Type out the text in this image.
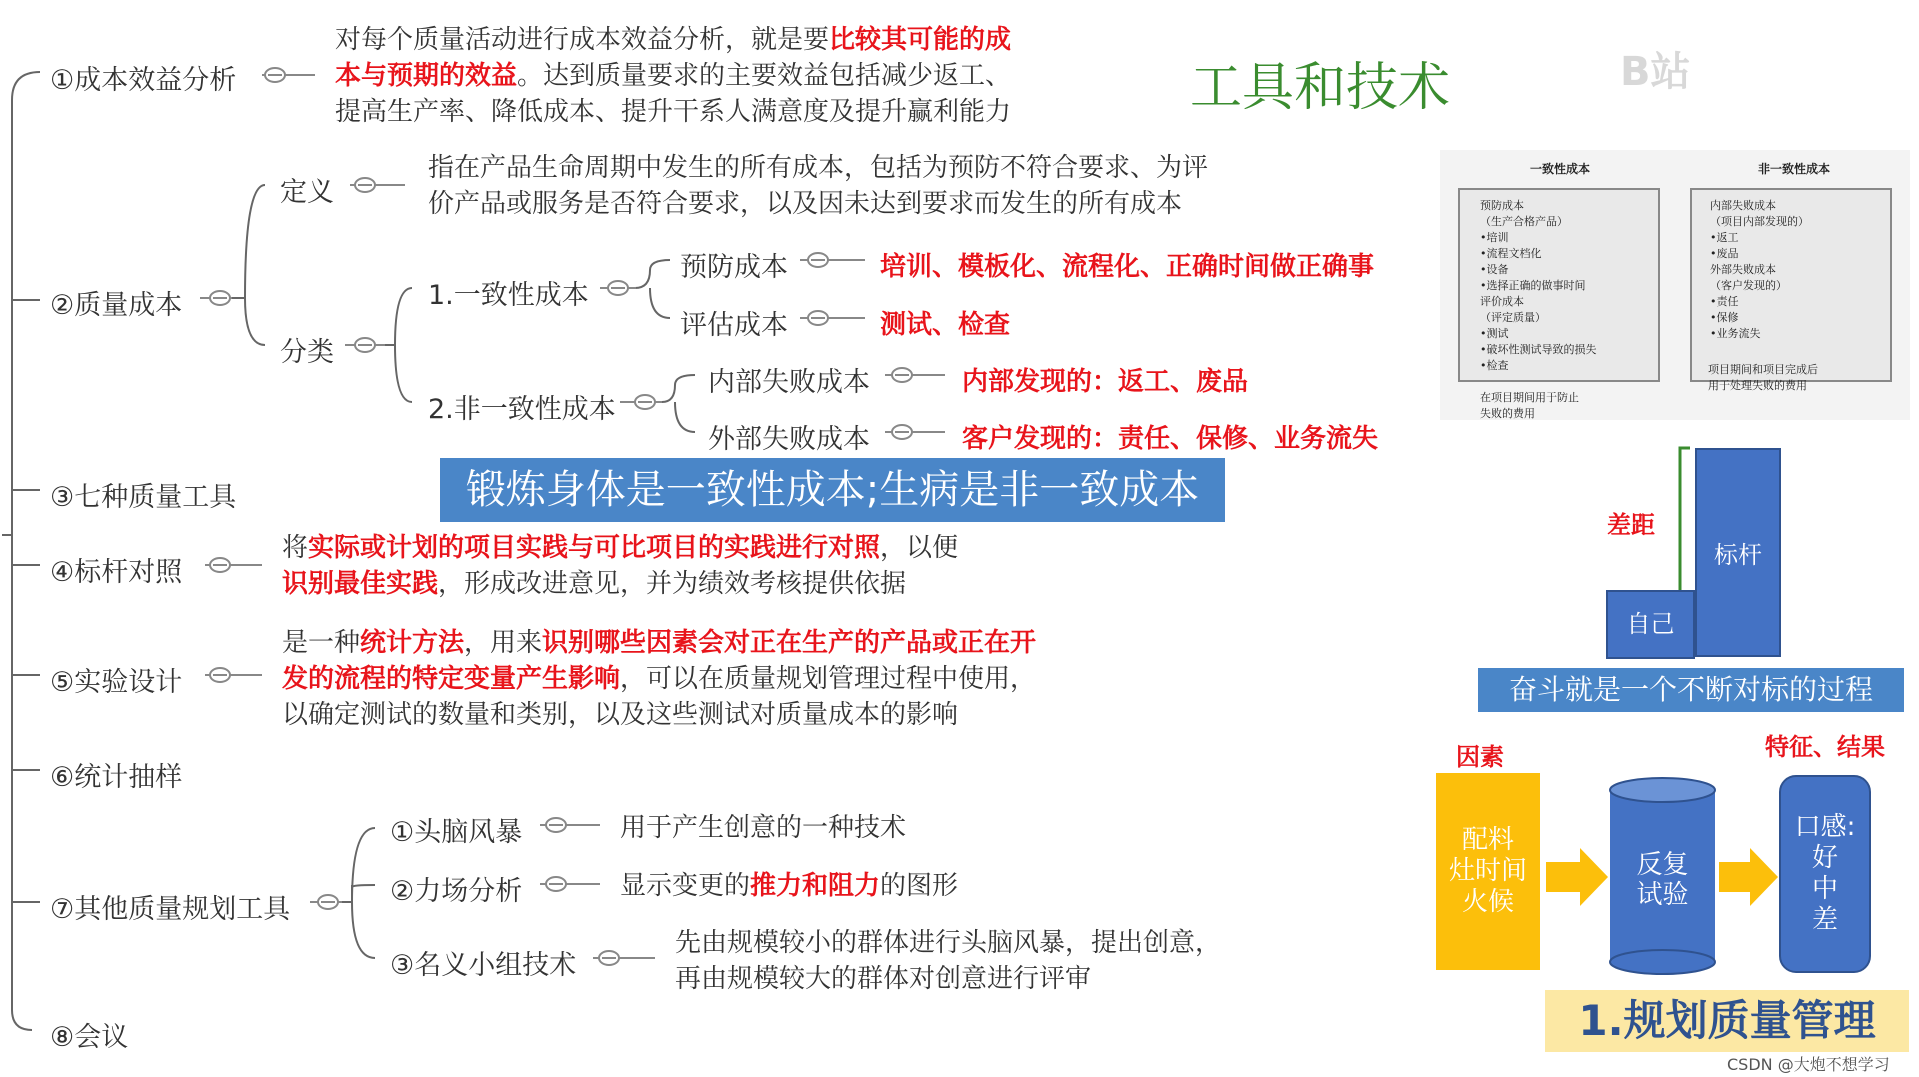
①成本效益分析
对每个质量活动进行成本效益分析，就是要比较其可能的成
本与预期的效益。达到质量要求的主要效益包括减少返工、
提高生产率、降低成本、提升干系人满意度及提升赢利能力
②质量成本
定义
指在产品生命周期中发生的所有成本，包括为预防不符合要求、为评
价产品或服务是否符合要求，以及因未达到要求而发生的所有成本
分类
1.一致性成本
预防成本	培训、模板化、流程化、正确时间做正确事
评估成本	测试、检查
2.非一致性成本
内部失败成本	内部发现的：返工、废品
外部失败成本	客户发现的：责任、保修、业务流失
③七种质量工具	锻炼身体是一致性成本;生病是非一致成本
④标杆对照
将实际或计划的项目实践与可比项目的实践进行对照，以便
识别最佳实践，形成改进意见，并为绩效考核提供依据
⑤实验设计
是一种统计方法，用来识别哪些因素会对正在生产的产品或正在开
发的流程的特定变量产生影响，可以在质量规划管理过程中使用，
以确定测试的数量和类别，以及这些测试对质量成本的影响
⑥统计抽样
⑦其他质量规划工具
①头脑风暴	用于产生创意的一种技术
②力场分析	显示变更的推力和阻力的图形
③名义小组技术
先由规模较小的群体进行头脑风暴，提出创意，
再由规模较大的群体对创意进行评审
⑧会议
工具和技术	B站
一致性成本	非一致性成本
预防成本
（生产合格产品）
•培训
•流程文档化
•设备
•选择正确的做事时间
评价成本
（评定质量）
•测试
•破坏性测试导致的损失
•检查
内部失败成本
（项目内部发现的）
•返工
•废品
外部失败成本
（客户发现的）
•责任
•保修
•业务流失
在项目期间用于防止
失败的费用
项目期间和项目完成后
用于处理失败的费用
标杆
自己
差距
奋斗就是一个不断对标的过程
因素	特征、结果
配料
灶时间
火候
反复
试验
口感:
好
中
差
1.规划质量管理
CSDN @大炮不想学习
